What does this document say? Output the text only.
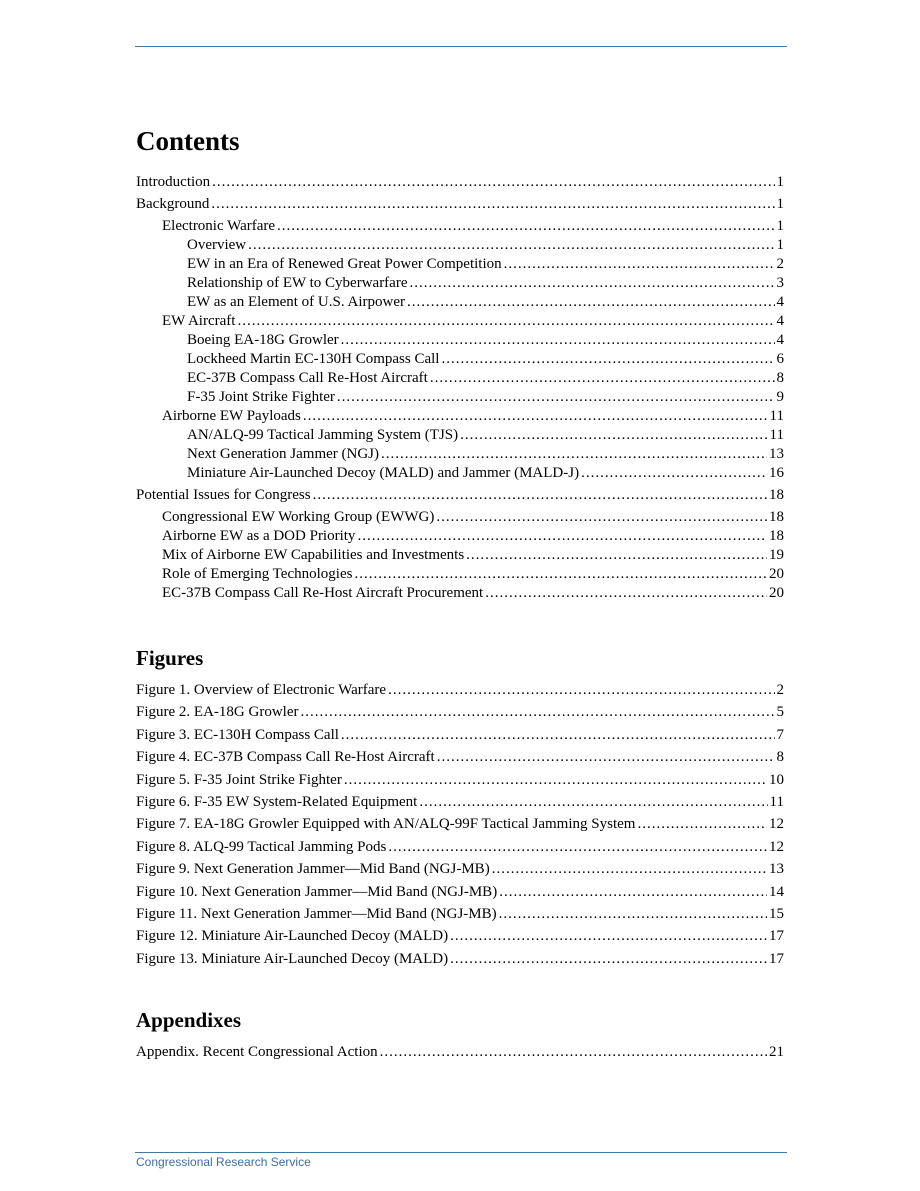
Contents
Introduction .....	1
Background .....	1
Electronic Warfare .....	1
Overview .....	1
EW in an Era of Renewed Great Power Competition .....	2
Relationship of EW to Cyberwarfare .....	3
EW as an Element of U.S. Airpower .....	4
EW Aircraft .....	4
Boeing EA-18G Growler .....	4
Lockheed Martin EC-130H Compass Call .....	6
EC-37B Compass Call Re-Host Aircraft .....	8
F-35 Joint Strike Fighter .....	9
Airborne EW Payloads .....	11
AN/ALQ-99 Tactical Jamming System (TJS) .....	11
Next Generation Jammer (NGJ) .....	13
Miniature Air-Launched Decoy (MALD) and Jammer (MALD-J) .....	16
Potential Issues for Congress .....	18
Congressional EW Working Group (EWWG) .....	18
Airborne EW as a DOD Priority .....	18
Mix of Airborne EW Capabilities and Investments .....	19
Role of Emerging Technologies .....	20
EC-37B Compass Call Re-Host Aircraft Procurement .....	20
Figures
Figure 1. Overview of Electronic Warfare .....	2
Figure 2. EA-18G Growler .....	5
Figure 3. EC-130H Compass Call .....	7
Figure 4. EC-37B Compass Call Re-Host Aircraft .....	8
Figure 5. F-35 Joint Strike Fighter .....	10
Figure 6. F-35 EW System-Related Equipment .....	11
Figure 7. EA-18G Growler Equipped with AN/ALQ-99F Tactical Jamming System .....	12
Figure 8. ALQ-99 Tactical Jamming Pods .....	12
Figure 9. Next Generation Jammer—Mid Band (NGJ-MB) .....	13
Figure 10. Next Generation Jammer—Mid Band (NGJ-MB) .....	14
Figure 11. Next Generation Jammer—Mid Band (NGJ-MB) .....	15
Figure 12. Miniature Air-Launched Decoy (MALD) .....	17
Figure 13. Miniature Air-Launched Decoy (MALD) .....	17
Appendixes
Appendix. Recent Congressional Action .....	21
Congressional Research Service
